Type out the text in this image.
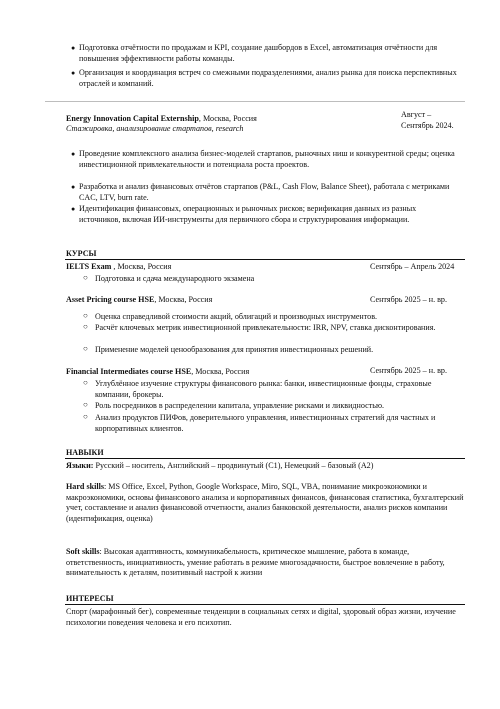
● Подготовка отчётности по продажам и KPI, создание дашбордов в Excel, автоматизация отчётности для повышения эффективности работы команды.
● Организация и координация встреч со смежными подразделениями, анализ рынка для поиска перспективных отраслей и компаний.
Energy Innovation Capital Externship, Москва, Россия
Стажировка, анализирование стартапов, research
Август –
Сентябрь 2024.
● Проведение комплексного анализа бизнес-моделей стартапов, рыночных ниш и конкурентной среды; оценка инвестиционной привлекательности и потенциала роста проектов.
● Разработка и анализ финансовых отчётов стартапов (P&L, Cash Flow, Balance Sheet), работала с метриками CAC, LTV, burn rate.
● Идентификация финансовых, операционных и рыночных рисков; верификация данных из разных источников, включая ИИ-инструменты для первичного сбора и структурирования информации.
КУРСЫ
IELTS Exam , Москва, Россия	Сентябрь – Апрель 2024
○ Подготовка и сдача международного экзамена
Asset Pricing course HSE, Москва, Россия	Сентябрь 2025 – н. вр.
○ Оценка справедливой стоимости акций, облигаций и производных инструментов.
○ Расчёт ключевых метрик инвестиционной привлекательности: IRR, NPV, ставка дисконтирования.
○ Применение моделей ценообразования для принятия инвестиционных решений.
Financial Intermediates course HSE, Москва, Россия	Сентябрь 2025 – н. вр.
○ Углублённое изучение структуры финансового рынка: банки, инвестиционные фонды, страховые компании, брокеры.
○ Роль посредников в распределении капитала, управление рисками и ликвидностью.
○ Анализ продуктов ПИФов, доверительного управления, инвестиционных стратегий для частных и корпоративных клиентов.
НАВЫКИ
Языки: Русский – носитель, Английский – продвинутый (С1), Немецкий – базовый (А2)
Hard skills: MS Office, Excel, Python, Google Workspace, Miro, SQL, VBA, понимание микроэкономики и макроэкономики, основы финансового анализа и корпоративных финансов, финансовая статистика, бухгалтерский учет, составление и анализ финансовой отчетности, анализ банковской деятельности, анализ рисков компании (идентификация, оценка)
Soft skills: Высокая адаптивность, коммуникабельность, критическое мышление, работа в команде, ответственность, инициативность, умение работать в режиме многозадачности, быстрое вовлечение в работу, внимательность к деталям, позитивный настрой к жизни
ИНТЕРЕСЫ
Спорт (марафонный бег), современные тенденции в социальных сетях и digital, здоровый образ жизни, изучение психологии поведения человека и его психотип.
